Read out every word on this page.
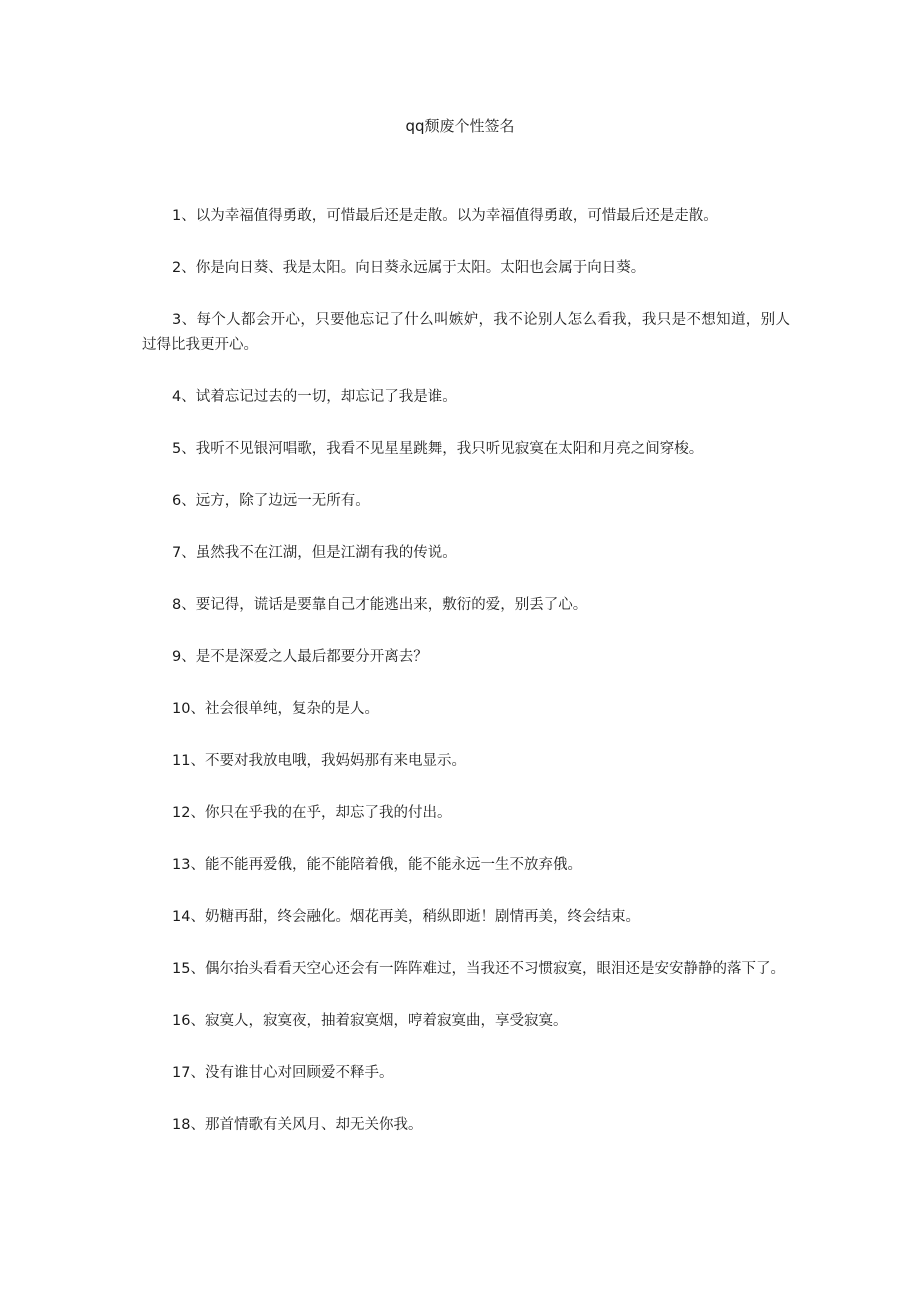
qq颓废个性签名
1、以为幸福值得勇敢，可惜最后还是走散。以为幸福值得勇敢，可惜最后还是走散。
2、你是向日葵、我是太阳。向日葵永远属于太阳。太阳也会属于向日葵。
3、每个人都会开心，只要他忘记了什么叫嫉妒，我不论别人怎么看我，我只是不想知道，别人过得比我更开心。
4、试着忘记过去的一切，却忘记了我是谁。
5、我听不见银河唱歌，我看不见星星跳舞，我只听见寂寞在太阳和月亮之间穿梭。
6、远方，除了边远一无所有。
7、虽然我不在江湖，但是江湖有我的传说。
8、要记得，谎话是要靠自己才能逃出来，敷衍的爱，别丢了心。
9、是不是深爱之人最后都要分开离去？
10、社会很单纯，复杂的是人。
11、不要对我放电哦，我妈妈那有来电显示。
12、你只在乎我的在乎，却忘了我的付出。
13、能不能再爱俄，能不能陪着俄，能不能永远一生不放弃俄。
14、奶糖再甜，终会融化。烟花再美，稍纵即逝！剧情再美，终会结束。
15、偶尔抬头看看天空心还会有一阵阵难过，当我还不习惯寂寞，眼泪还是安安静静的落下了。
16、寂寞人，寂寞夜，抽着寂寞烟，哼着寂寞曲，享受寂寞。
17、没有谁甘心对回顾爱不释手。
18、那首情歌有关风月、却无关你我。
